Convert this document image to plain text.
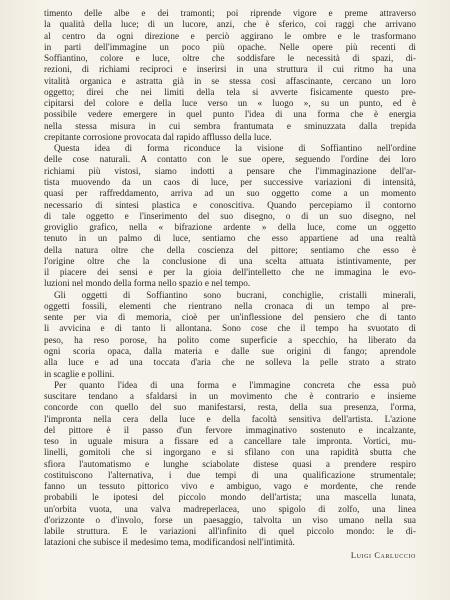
timento delle albe e dei tramonti; poi riprende vigore e preme attraverso
la qualità della luce; di un lucore, anzi, che è sferico, coi raggi che arrivano
al centro da ogni direzione e perciò aggirano le ombre e le trasformano
in parti dell'immagine un poco più opache. Nelle opere più recenti di
Soffiantino, colore e luce, oltre che soddisfare le necessità di spazi, di-
rezioni, di richiami reciproci e inserirsi in una struttura il cui ritmo ha una
vitalità organica e astratta già in se stessa così affascinante, cercano un loro
oggetto; direi che nei limiti della tela si avverte fisicamente questo pre-
cipitarsi del colore e della luce verso un « luogo », su un punto, ed è
possibile vedere emergere in quel punto l'idea di una forma che è energia
nella stessa misura in cui sembra frantumata e sminuzzata dalla trepida
crepitante corrosione provocata dal rapido afflusso della luce.
Questa idea di forma riconduce la visione di Soffiantino nell'ordine
delle cose naturali. A contatto con le sue opere, seguendo l'ordine dei loro
richiami più vistosi, siamo indotti a pensare che l'immaginazione dell'ar-
tista muovendo da un caos di luce, per successive variazioni di intensità,
quasi per raffreddamento, arriva ad un suo oggetto come a un momento
necessario di sintesi plastica e conoscitiva. Quando percepiamo il contorno
di tale oggetto e l'inserimento del suo disegno, o di un suo disegno, nel
groviglio grafico, nella « bifrazione ardente » della luce, come un oggetto
tenuto in un palmo di luce, sentiamo che esso appartiene ad una realtà
della natura oltre che della coscienza del pittore; sentiamo che esso è
l'origine oltre che la conclusione di una scelta attuata istintivamente, per
il piacere dei sensi e per la gioia dell'intelletto che ne immagina le evo-
luzioni nel mondo della forma nello spazio e nel tempo.
Gli oggetti di Soffiantino sono bucrani, conchiglie, cristalli minerali,
oggetti fossili, elementi che rientrano nella cronaca di un tempo al pre-
sente per via di memoria, cioè per un'inflessione del pensiero che di tanto
li avvicina e di tanto li allontana. Sono cose che il tempo ha svuotato di
peso, ha reso porose, ha polito come superficie a specchio, ha liberato da
ogni scoria opaca, dalla materia e dalle sue origini di fango; aprendole
alla luce e ad una toccata d'aria che ne solleva la pelle strato a strato
in scaglie e pollini.
Per quanto l'idea di una forma e l'immagine concreta che essa può
suscitare tendano a sfaldarsi in un movimento che è contrario e insieme
concorde con quello del suo manifestarsi, resta, della sua presenza, l'orma,
l'impronta nella cera della luce e della facoltà sensitiva dell'artista. L'azione
del pittore è il passo d'un fervore immaginativo sostenuto e incalzante,
teso in uguale misura a fissare ed a cancellare tale impronta. Vortici, mu-
linelli, gomitoli che si ingorgano e si sfilano con una rapidità sbutta che
sfiora l'automatismo e lunghe sciabolate distese quasi a prendere respiro
costituiscono l'alternativa, i due tempi di una qualificazione strumentale;
fanno un tessuto pittorico vivo e ambiguo, vago e mordente, che rende
probabili le ipotesi del piccolo mondo dell'artista; una mascella lunata,
un'orbita vuota, una valva madreperlacea, uno spigolo di zolfo, una linea
d'orizzonte o d'involo, forse un paesaggio, talvolta un viso umano nella sua
labile struttura. E le variazioni all'infinito di quel piccolo mondo: le di-
latazioni che subisce il medesimo tema, modificandosi nell'intimità.
Luigi Carluccio
